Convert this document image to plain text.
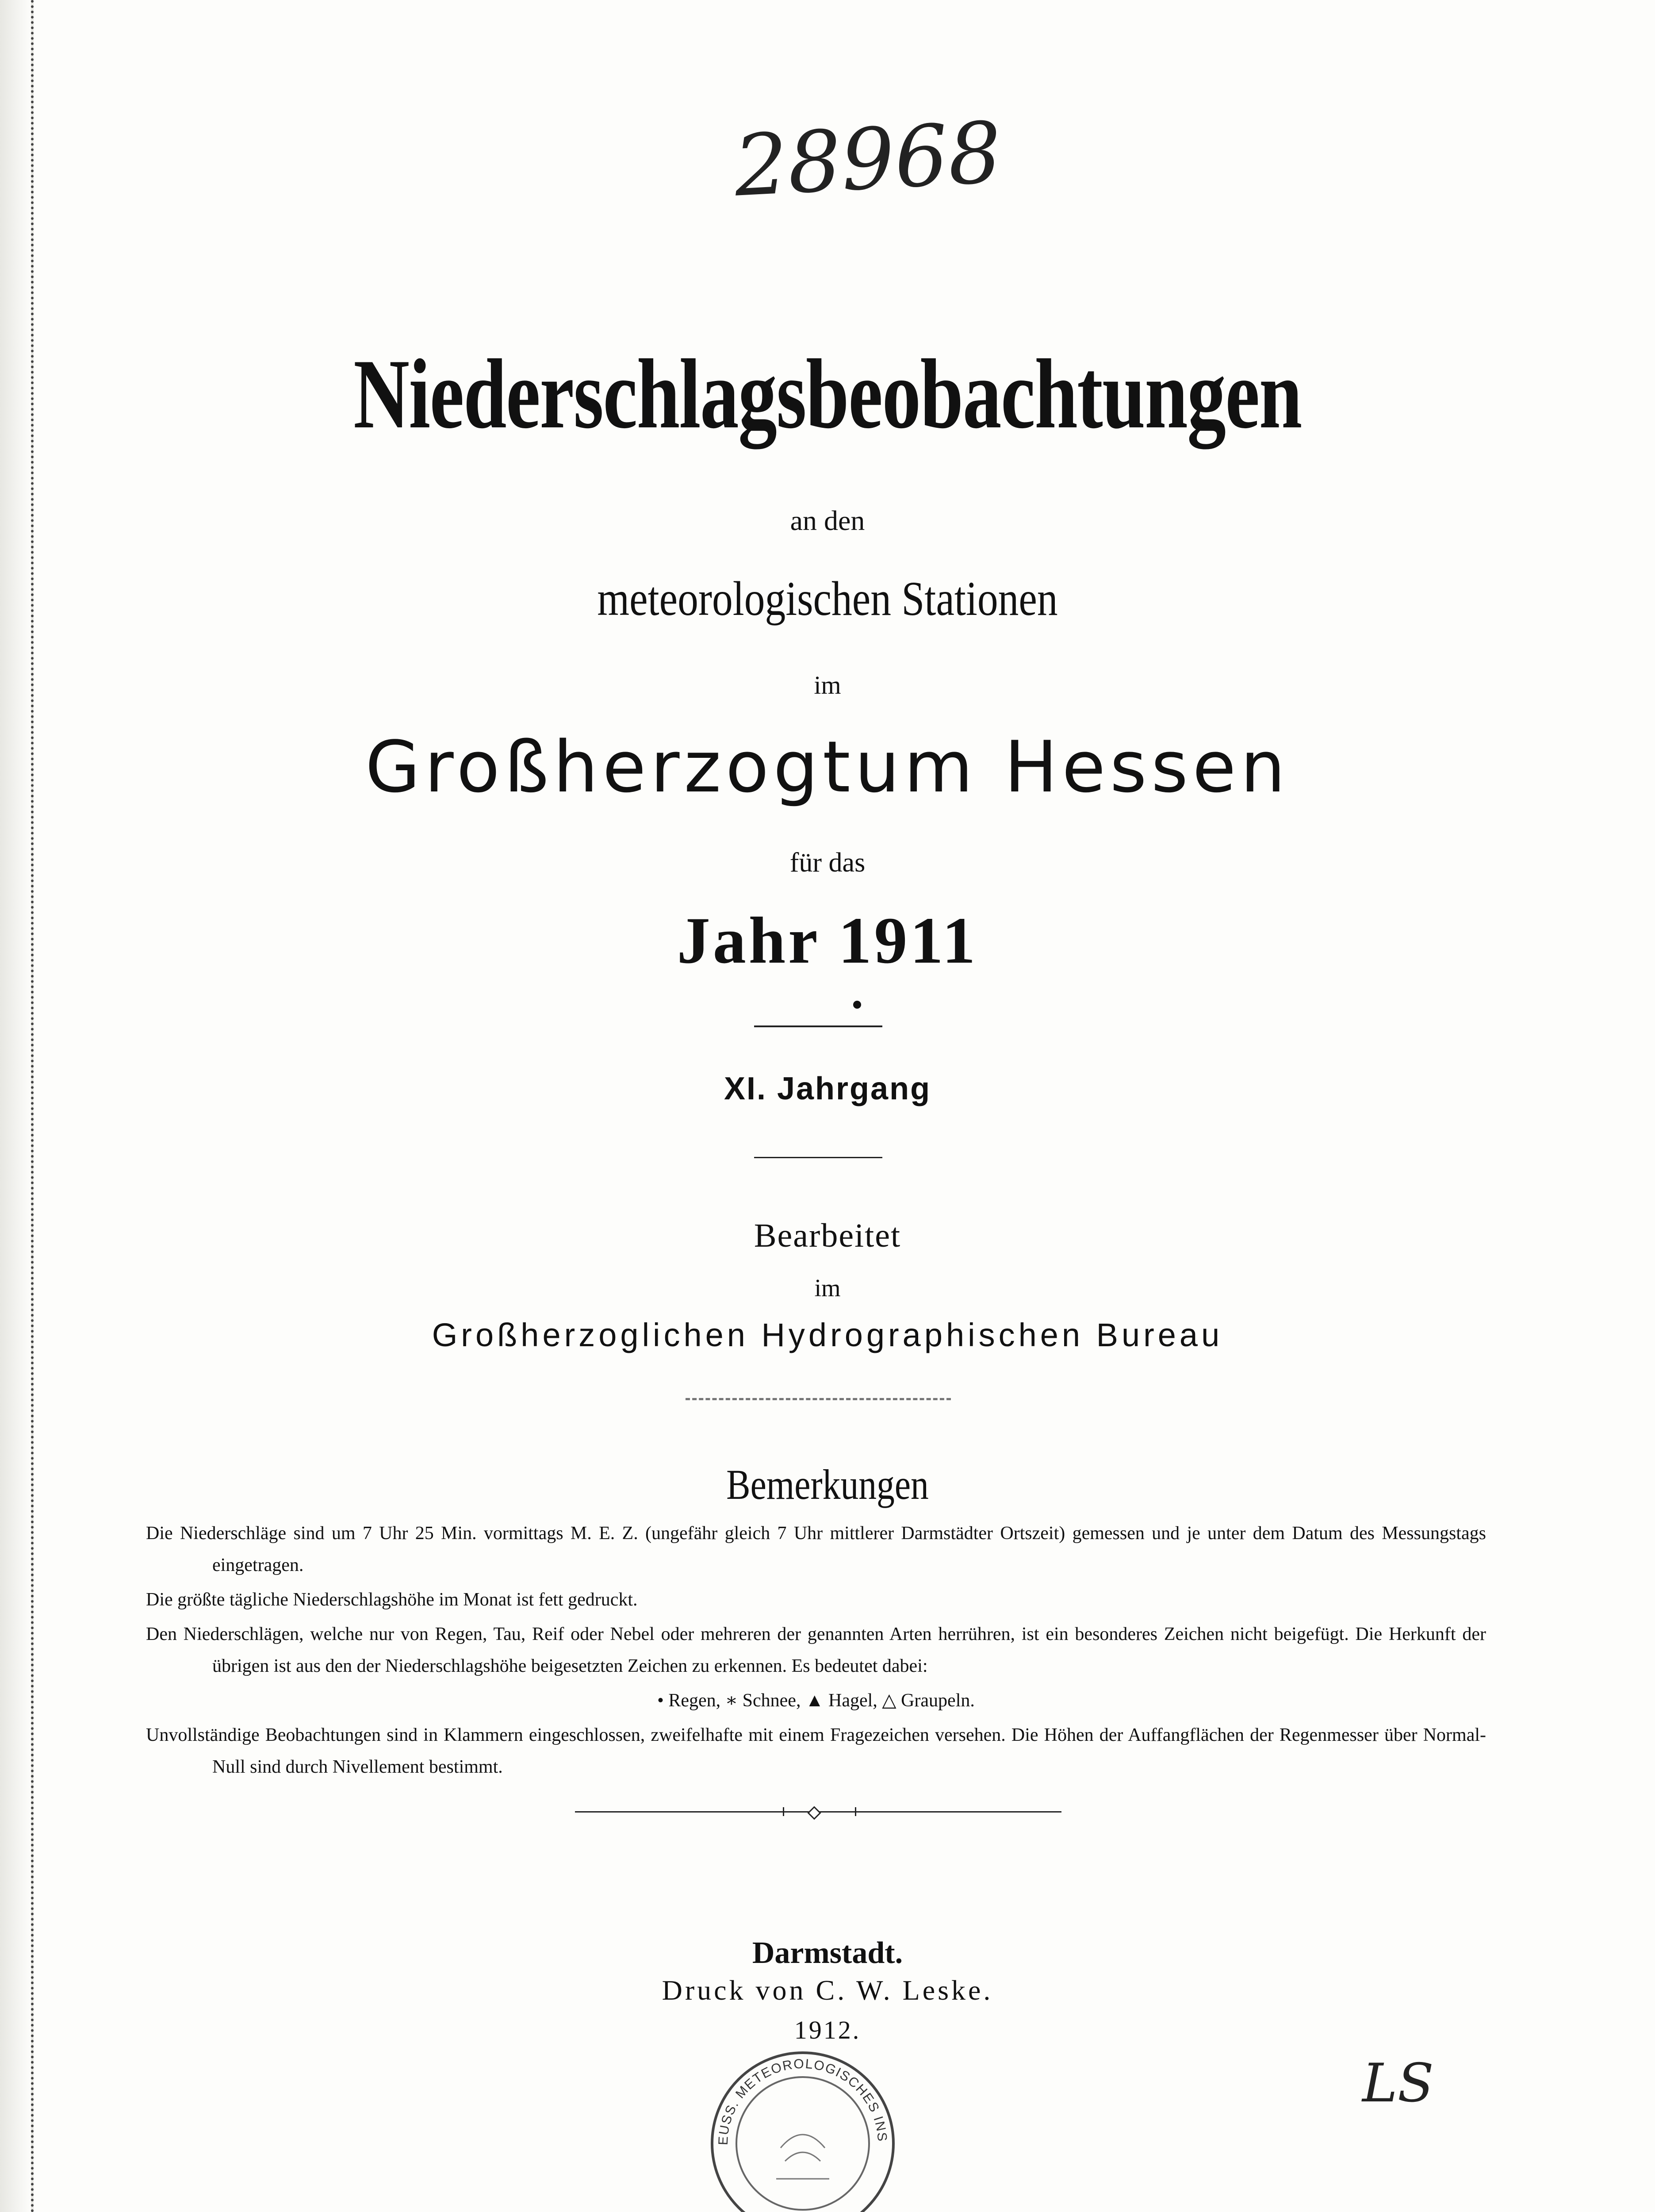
28968
Niederschlagsbeobachtungen
an den
meteorologischen Stationen
im
Großherzogtum Hessen
für das
Jahr 1911
XI. Jahrgang
Bearbeitet
im
Großherzoglichen Hydrographischen Bureau
Bemerkungen

Die Niederschläge sind um 7 Uhr 25 Min. vormittags M. E. Z. (ungefähr gleich 7 Uhr mittlerer Darmstädter Ortszeit) gemessen und je unter dem Datum des Messungstags eingetragen.

Die größte tägliche Niederschlagshöhe im Monat ist fett gedruckt.

Den Niederschlägen, welche nur von Regen, Tau, Reif oder Nebel oder mehreren der genannten Arten herrühren, ist ein besonderes Zeichen nicht beigefügt. Die Herkunft der übrigen ist aus den der Niederschlagshöhe beigesetzten Zeichen zu erkennen. Es bedeutet dabei:

• Regen, ∗ Schnee, ▲ Hagel, △ Graupeln.

Unvollständige Beobachtungen sind in Klammern eingeschlossen, zweifelhafte mit einem Fragezeichen versehen. Die Höhen der Auffangflächen der Regenmesser über Normal-Null sind durch Nivellement bestimmt.

Darmstadt.
Druck von C. W. Leske.
1912.
EUSS. METEOROLOGISCHES INS
LS
